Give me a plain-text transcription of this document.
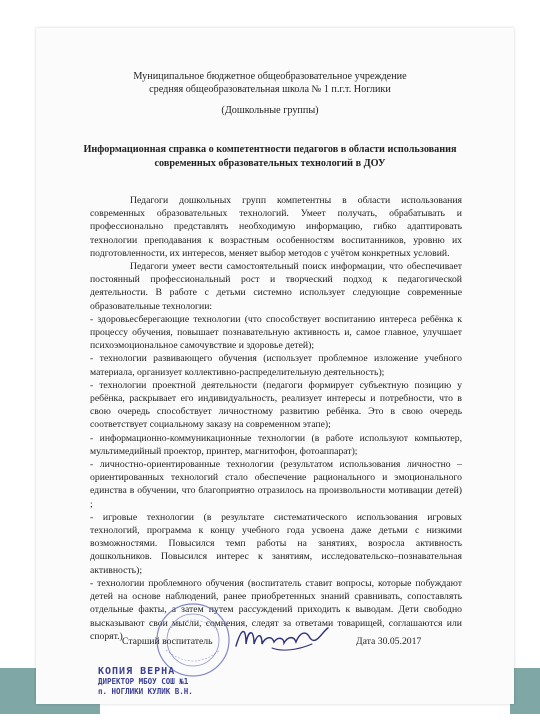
Муниципальное бюджетное общеобразовательное учреждение
средняя общеобразовательная школа № 1 п.г.т. Ноглики
(Дошкольные группы)
Информационная справка о компетентности педагогов в области использования
современных образовательных технологий в ДОУ

Педагоги дошкольных групп компетентны в области использования современных образовательных технологий. Умеет получать, обрабатывать и профессионально представлять необходимую информацию, гибко адаптировать технологии преподавания к возрастным особенностям воспитанников, уровню их подготовленности, их интересов, меняет выбор методов с учётом конкретных условий.

Педагоги умеет вести самостоятельный поиск информации, что обеспечивает постоянный профессиональный рост и творческий подход к педагогической деятельности. В работе с детьми системно использует следующие современные образовательные технологии:

- здоровьесберегающие технологии (что способствует воспитанию интереса ребёнка к процессу обучения, повышает познавательную активность и, самое главное, улучшает психоэмоциональное самочувствие и здоровье детей);

- технологии развивающего обучения (использует проблемное изложение учебного материала, организует коллективно-распределительную деятельность);

- технологии проектной деятельности (педагоги формирует субъектную позицию у ребёнка, раскрывает его индивидуальность, реализует интересы и потребности, что в свою очередь способствует личностному развитию ребёнка. Это в свою очередь соответствует социальному заказу на современном этапе);

- информационно-коммуникационные технологии (в работе используют компьютер, мультимедийный проектор, принтер, магнитофон, фотоаппарат);

- личностно-ориентированные технологии (результатом использования личностно – ориентированных технологий стало обеспечение рационального и эмоционального единства в обучении, что благоприятно отразилось на произвольности мотивации детей) ;

- игровые технологии (в результате систематического использования игровых технологий, программа к концу учебного года усвоена даже детьми с низкими возможностями. Повысился темп работы на занятиях, возросла активность дошкольников. Повысился интерес к занятиям, исследовательско–познавательная активность);

- технологии проблемного обучения (воспитатель ставит вопросы, которые побуждают детей на основе наблюдений, ранее приобретенных знаний сравнивать, сопоставлять отдельные факты, а затем путем рассуждений приходить к выводам. Дети свободно высказывают свои мысли, сомнения, следят за ответами товарищей, соглашаются или спорят.) Старший воспитатель	Дата 30.05.2017
КОПИЯ ВЕРНА
ДИРЕКТОР МБОУ СОШ №1
п. НОГЛИКИ КУЛИК В.Н.
